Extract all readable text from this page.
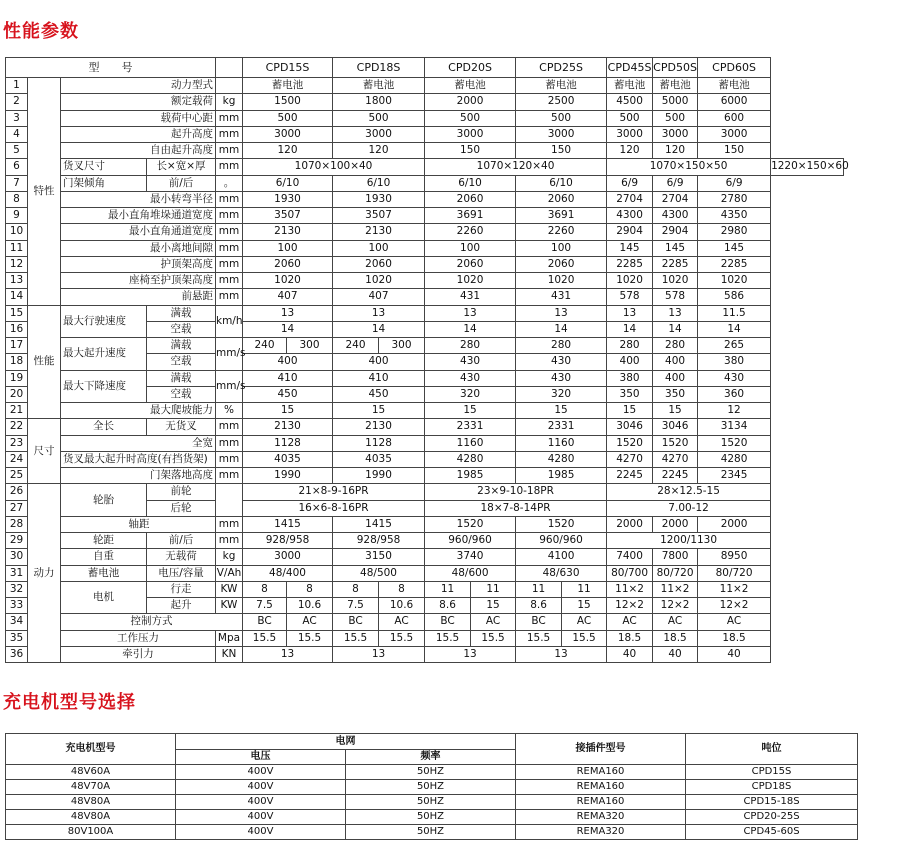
性能参数
型　　号					CPD15S		CPD18S		CPD20S		CPD25S		CPD45S	CPD50S	CPD60S	
1	特性	动力型式			蓄电池		蓄电池		蓄电池		蓄电池		蓄电池	蓄电池	蓄电池	
2		额定载荷		kg	1500		1800		2000		2500		4500	5000	6000	
3		载荷中心距		mm	500		500		500		500		500	500	600	
4		起升高度		mm	3000		3000		3000		3000		3000	3000	3000	
5		自由起升高度		mm	120		120		150		150		120	120	150	
6		货叉尺寸	长×宽×厚	mm	1070×100×40				1070×120×40				1070×150×50			1220×150×60
7		门架倾角	前/后	。	6/10		6/10		6/10		6/10		6/9	6/9	6/9	
8		最小转弯半径		mm	1930		1930		2060		2060		2704	2704	2780	
9		最小直角堆垛通道宽度		mm	3507		3507		3691		3691		4300	4300	4350	
10		最小直角通道宽度		mm	2130		2130		2260		2260		2904	2904	2980	
11		最小离地间隙		mm	100		100		100		100		145	145	145	
12		护顶架高度		mm	2060		2060		2060		2060		2285	2285	2285	
13		座椅至护顶架高度		mm	1020		1020		1020		1020		1020	1020	1020	
14		前悬距		mm	407		407		431		431		578	578	586	
15	性能	最大行驶速度	满载	km/h	13		13		13		13		13	13	11.5	
16			空载		14		14		14		14		14	14	14	
17		最大起升速度	满载	mm/s	240	300	240	300	280		280		280	280	265	
18			空载		400		400		430		430		400	400	380	
19		最大下降速度	满载	mm/s	410		410		430		430		380	400	430	
20			空载		450		450		320		320		350	350	360	
21		最大爬坡能力		%	15		15		15		15		15	15	12	
22	尺寸	全长	无货叉	mm	2130		2130		2331		2331		3046	3046	3134	
23		全宽		mm	1128		1128		1160		1160		1520	1520	1520	
24		货叉最大起升时高度(有挡货架)		mm	4035		4035		4280		4280		4270	4270	4280	
25		门架落地高度		mm	1990		1990		1985		1985		2245	2245	2345	
26	动力	轮胎	前轮		21×8-9-16PR				23×9-10-18PR				28×12.5-15			
27			后轮		16×6-8-16PR				18×7-8-14PR				7.00-12			
28		轴距		mm	1415		1415		1520		1520		2000	2000	2000	
29		轮距	前/后	mm	928/958		928/958		960/960		960/960		1200/1130			
30		自重	无载荷	kg	3000		3150		3740		4100		7400	7800	8950	
31		蓄电池	电压/容量	V/Ah	48/400		48/500		48/600		48/630		80/700	80/720	80/720	
32		电机	行走	KW	8	8	8	8	11	11	11	11	11×2	11×2	11×2	
33			起升	KW	7.5	10.6	7.5	10.6	8.6	15	8.6	15	12×2	12×2	12×2	
34		控制方式			BC	AC	BC	AC	BC	AC	BC	AC	AC	AC	AC	
35		工作压力		Mpa	15.5	15.5	15.5	15.5	15.5	15.5	15.5	15.5	18.5	18.5	18.5	
36		牵引力		KN	13		13		13		13		40	40	40	
充电机型号选择
充电机型号	电网		接插件型号	吨位
	电压	频率		
48V60A	400V	50HZ	REMA160	CPD15S
48V70A	400V	50HZ	REMA160	CPD18S
48V80A	400V	50HZ	REMA160	CPD15-18S
48V80A	400V	50HZ	REMA320	CPD20-25S
80V100A	400V	50HZ	REMA320	CPD45-60S
